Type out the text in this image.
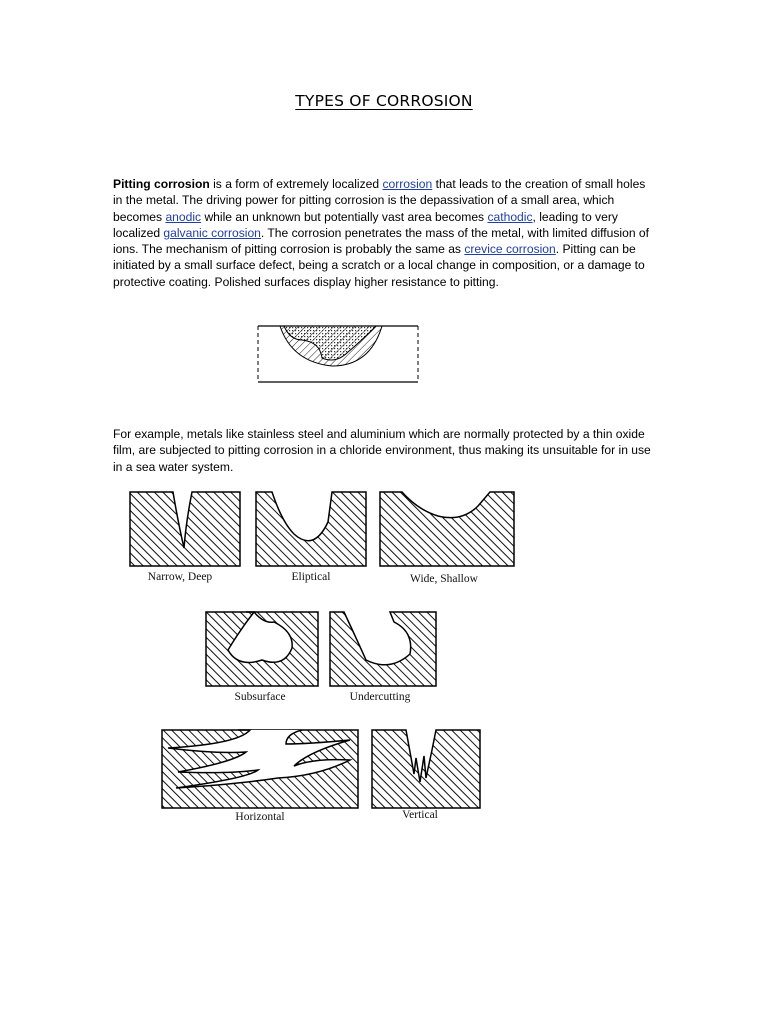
TYPES OF CORROSION
Pitting corrosion is a form of extremely localized corrosion that leads to the creation of small holes in the metal. The driving power for pitting corrosion is the depassivation of a small area, which becomes anodic while an unknown but potentially vast area becomes cathodic, leading to very localized galvanic corrosion. The corrosion penetrates the mass of the metal, with limited diffusion of ions. The mechanism of pitting corrosion is probably the same as crevice corrosion. Pitting can be initiated by a small surface defect, being a scratch or a local change in composition, or a damage to protective coating. Polished surfaces display higher resistance to pitting.
For example, metals like stainless steel and aluminium which are normally protected by a thin oxide film, are subjected to pitting corrosion in a chloride environment, thus making its unsuitable for in use in a sea water system.
Narrow, Deep	Eliptical	Wide, Shallow
Subsurface	Undercutting
Horizontal	Vertical
